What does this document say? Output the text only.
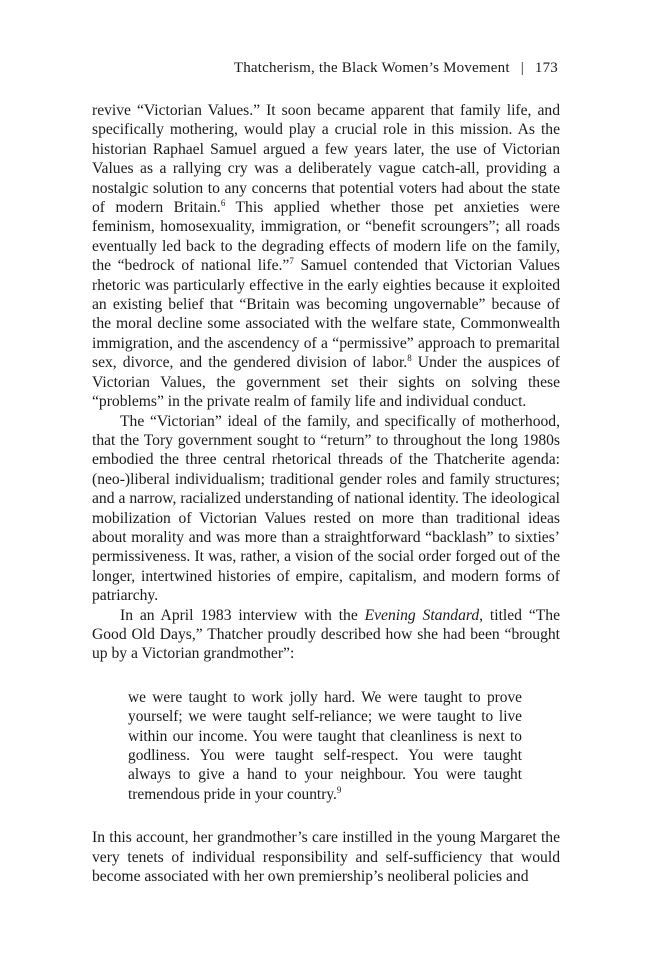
Thatcherism, the Black Women’s Movement | 173

revive “Victorian Values.” It soon became apparent that family life, and specifically mothering, would play a crucial role in this mission. As the historian Raphael Samuel argued a few years later, the use of Victorian Values as a rallying cry was a deliberately vague catch-all, providing a nostalgic solution to any concerns that potential voters had about the state of modern Britain.$^6$ This applied whether those pet anxieties were feminism, homosexuality, immigration, or “benefit scroungers”; all roads eventually led back to the degrading effects of modern life on the family, the “bedrock of national life.”$^7$ Samuel contended that Victorian Values rhetoric was particularly effective in the early eighties because it exploited an existing belief that “Britain was becoming ungovernable” because of the moral decline some associated with the welfare state, Commonwealth immigration, and the ascendency of a “permissive” approach to premarital sex, divorce, and the gendered division of labor.$^8$ Under the auspices of Victorian Values, the government set their sights on solving these “problems” in the private realm of family life and individual conduct.

The “Victorian” ideal of the family, and specifically of motherhood, that the Tory government sought to “return” to throughout the long 1980s embodied the three central rhetorical threads of the Thatcherite agenda: (neo-)liberal individualism; traditional gender roles and family structures; and a narrow, racialized understanding of national identity. The ideological mobilization of Victorian Values rested on more than traditional ideas about morality and was more than a straightforward “backlash” to sixties’ permissiveness. It was, rather, a vision of the social order forged out of the longer, intertwined histories of empire, capitalism, and modern forms of patriarchy.

In an April 1983 interview with the Evening Standard, titled “The Good Old Days,” Thatcher proudly described how she had been “brought up by a Victorian grandmother”:

we were taught to work jolly hard. We were taught to prove yourself; we were taught self-reliance; we were taught to live within our income. You were taught that cleanliness is next to godliness. You were taught self-respect. You were taught always to give a hand to your neighbour. You were taught tremendous pride in your country.$^9$

In this account, her grandmother’s care instilled in the young Margaret the very tenets of individual responsibility and self-sufficiency that would become associated with her own premiership’s neoliberal policies and
